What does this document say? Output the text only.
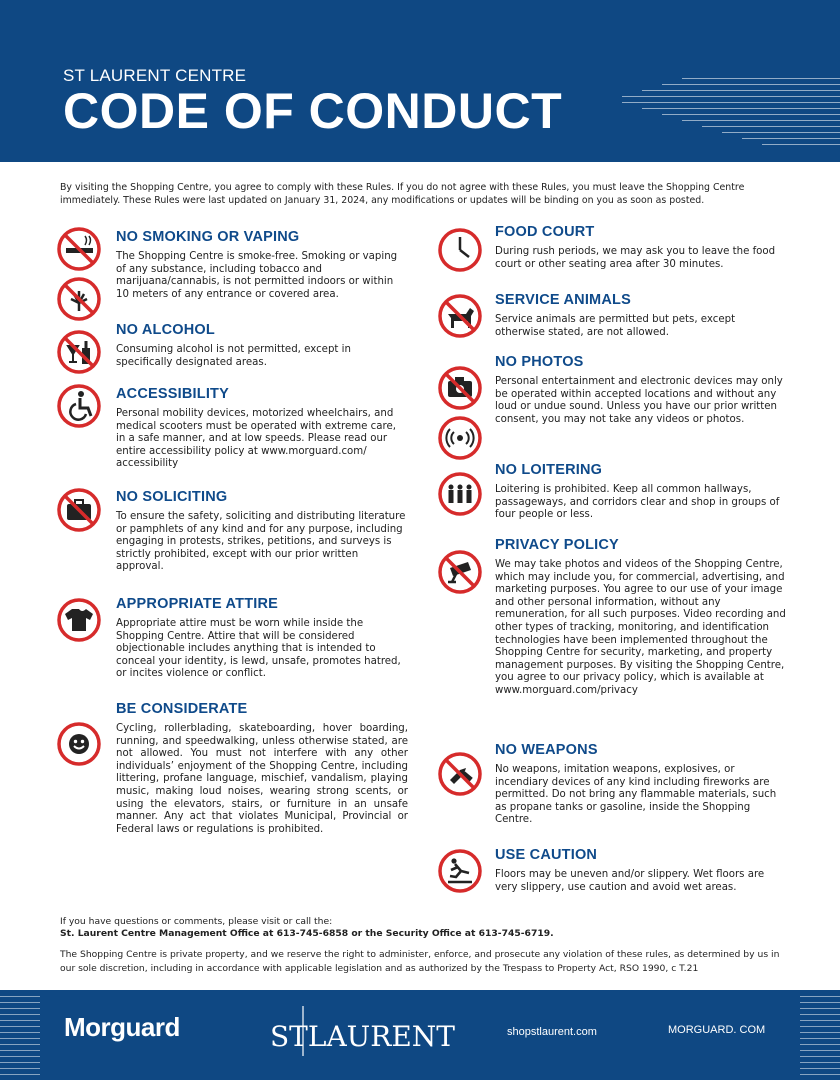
ST LAURENT CENTRE
CODE OF CONDUCT
By visiting the Shopping Centre, you agree to comply with these Rules. If you do not agree with these Rules, you must leave the Shopping Centre immediately. These Rules were last updated on January 31, 2024, any modifications or updates will be binding on you as soon as posted.
NO SMOKING OR VAPING

The Shopping Centre is smoke-free. Smoking or vaping of any substance, including tobacco and marijuana/cannabis, is not permitted indoors or within 10 meters of any entrance or covered area.

NO ALCOHOL

Consuming alcohol is not permitted, except in specifically designated areas.

ACCESSIBILITY

Personal mobility devices, motorized wheelchairs, and medical scooters must be operated with extreme care, in a safe manner, and at low speeds. Please read our entire accessibility policy at www.morguard.com/ accessibility

NO SOLICITING

To ensure the safety, soliciting and distributing literature or pamphlets of any kind and for any purpose, including engaging in protests, strikes, petitions, and surveys is strictly prohibited, except with our prior written approval.

APPROPRIATE ATTIRE

Appropriate attire must be worn while inside the Shopping Centre. Attire that will be considered objectionable includes anything that is intended to conceal your identity, is lewd, unsafe, promotes hatred, or incites violence or conflict.

BE CONSIDERATE

Cycling, rollerblading, skateboarding, hover boarding, running, and speedwalking, unless otherwise stated, are not allowed. You must not interfere with any other individuals’ enjoyment of the Shopping Centre, including littering, profane language, mischief, vandalism, playing music, making loud noises, wearing strong scents, or using the elevators, stairs, or furniture in an unsafe manner. Any act that violates Municipal, Provincial or Federal laws or regulations is prohibited.

FOOD COURT

During rush periods, we may ask you to leave the food court or other seating area after 30 minutes.

SERVICE ANIMALS

Service animals are permitted but pets, except otherwise stated, are not allowed.

NO PHOTOS

Personal entertainment and electronic devices may only be operated within accepted locations and without any loud or undue sound. Unless you have our prior written consent, you may not take any videos or photos.

NO LOITERING

Loitering is prohibited. Keep all common hallways, passageways, and corridors clear and shop in groups of four people or less.

PRIVACY POLICY

We may take photos and videos of the Shopping Centre, which may include you, for commercial, advertising, and marketing purposes. You agree to our use of your image and other personal information, without any remuneration, for all such purposes. Video recording and other types of tracking, monitoring, and identification technologies have been implemented throughout the Shopping Centre for security, marketing, and property management purposes. By visiting the Shopping Centre, you agree to our privacy policy, which is available at www.morguard.com/privacy

NO WEAPONS

No weapons, imitation weapons, explosives, or incendiary devices of any kind including fireworks are permitted. Do not bring any flammable materials, such as propane tanks or gasoline, inside the Shopping Centre.

USE CAUTION

Floors may be uneven and/or slippery. Wet floors are very slippery, use caution and avoid wet areas.

If you have questions or comments, please visit or call the:
St. Laurent Centre Management Office at 613-745-6858 or the Security Office at 613-745-6719.
The Shopping Centre is private property, and we reserve the right to administer, enforce, and prosecute any violation of these rules, as determined by us in our sole discretion, including in accordance with applicable legislation and as authorized by the Trespass to Property Act, RSO 1990, c T.21
Morguard	STLAURENT	shopstlaurent.com	MORGUARD. COM
